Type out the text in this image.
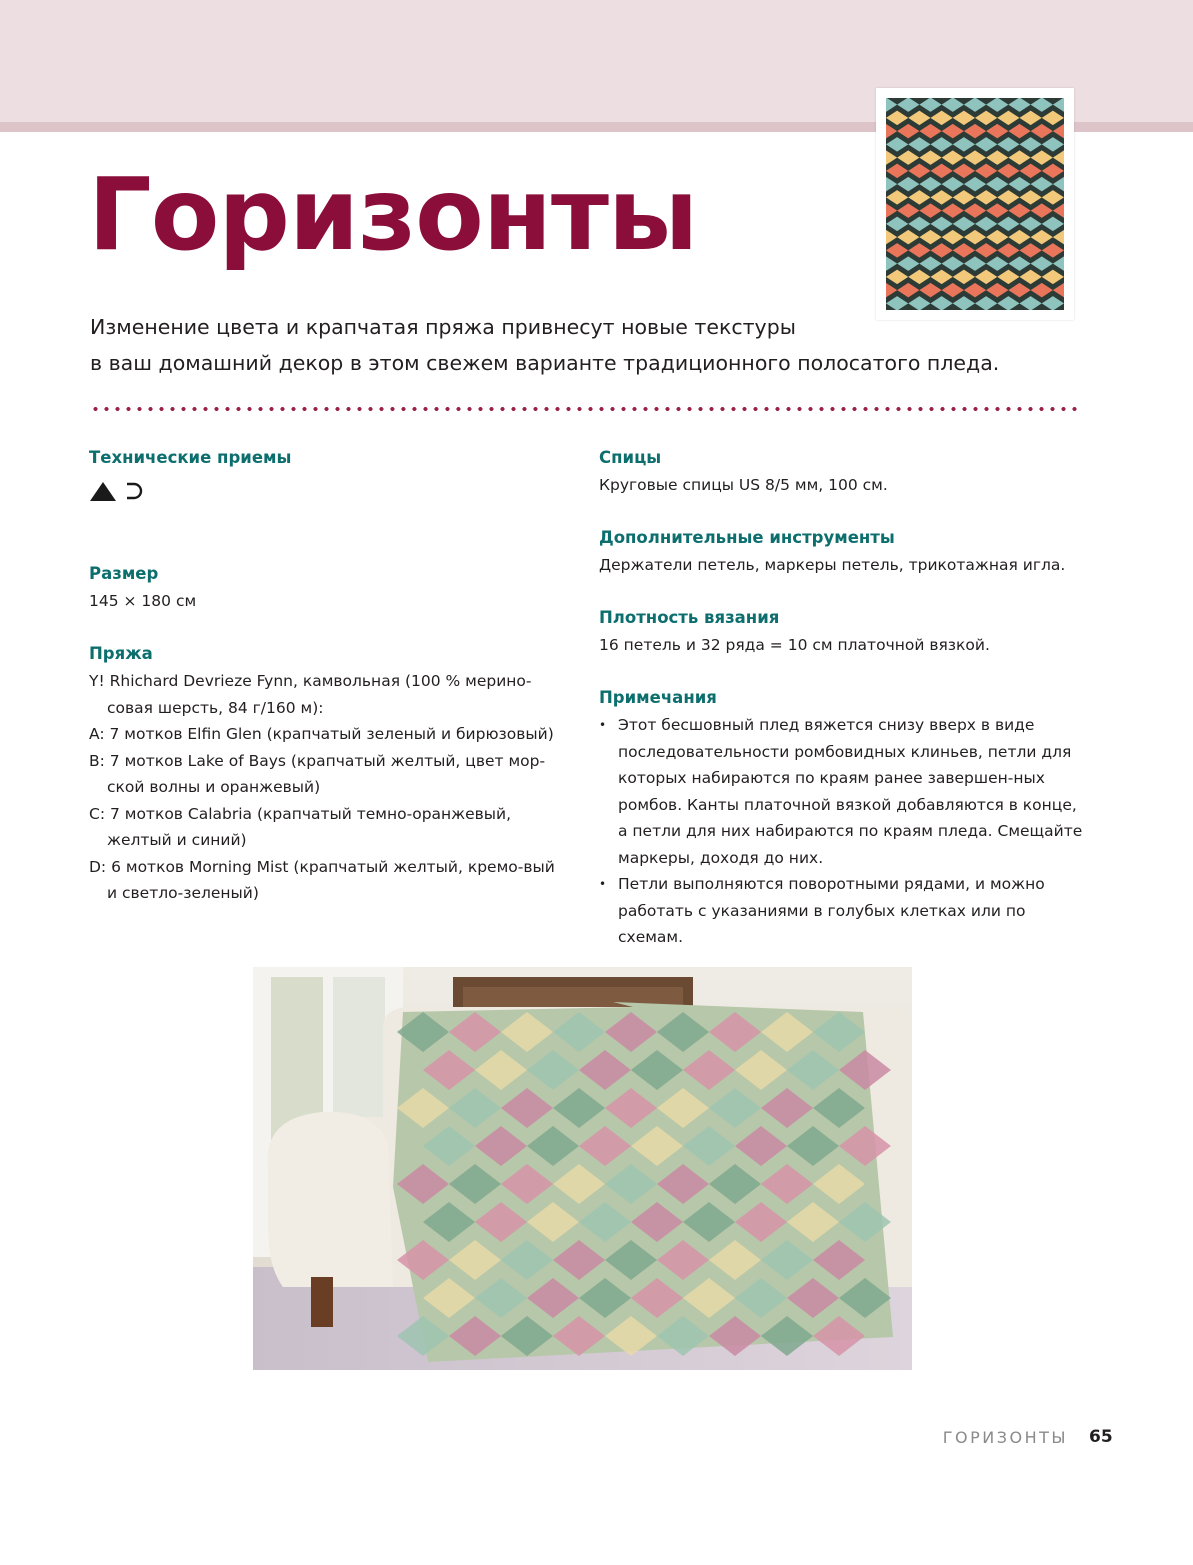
Горизонты
Изменение цвета и крапчатая пряжа привнесут новые текстуры
в ваш домашний декор в этом свежем варианте традиционного полосатого пледа.
Технические приемы
Размер

145 × 180 см

Пряжа

Y! Rhichard Devrieze Fynn, камвольная (100 % мерино-совая шерсть, 84 г/160 м):

A: 7 мотков Elfin Glen (крапчатый зеленый и бирюзовый)

B: 7 мотков Lake of Bays (крапчатый желтый, цвет мор-ской волны и оранжевый)

C: 7 мотков Calabria (крапчатый темно-оранжевый, желтый и синий)

D: 6 мотков Morning Mist (крапчатый желтый, кремо-вый и светло-зеленый)

Спицы

Круговые спицы US 8/5 мм, 100 см.

Дополнительные инструменты

Держатели петель, маркеры петель, трикотажная игла.

Плотность вязания

16 петель и 32 ряда = 10 см платочной вязкой.

Примечания

• Этот бесшовный плед вяжется снизу вверх в виде последовательности ромбовидных клиньев, петли для которых набираются по краям ранее завершен-ных ромбов. Канты платочной вязкой добавляются в конце, а петли для них набираются по краям пледа. Смещайте маркеры, доходя до них.

• Петли выполняются поворотными рядами, и можно работать с указаниями в голубых клетках или по схемам.

ГОРИЗОНТЫ 65
